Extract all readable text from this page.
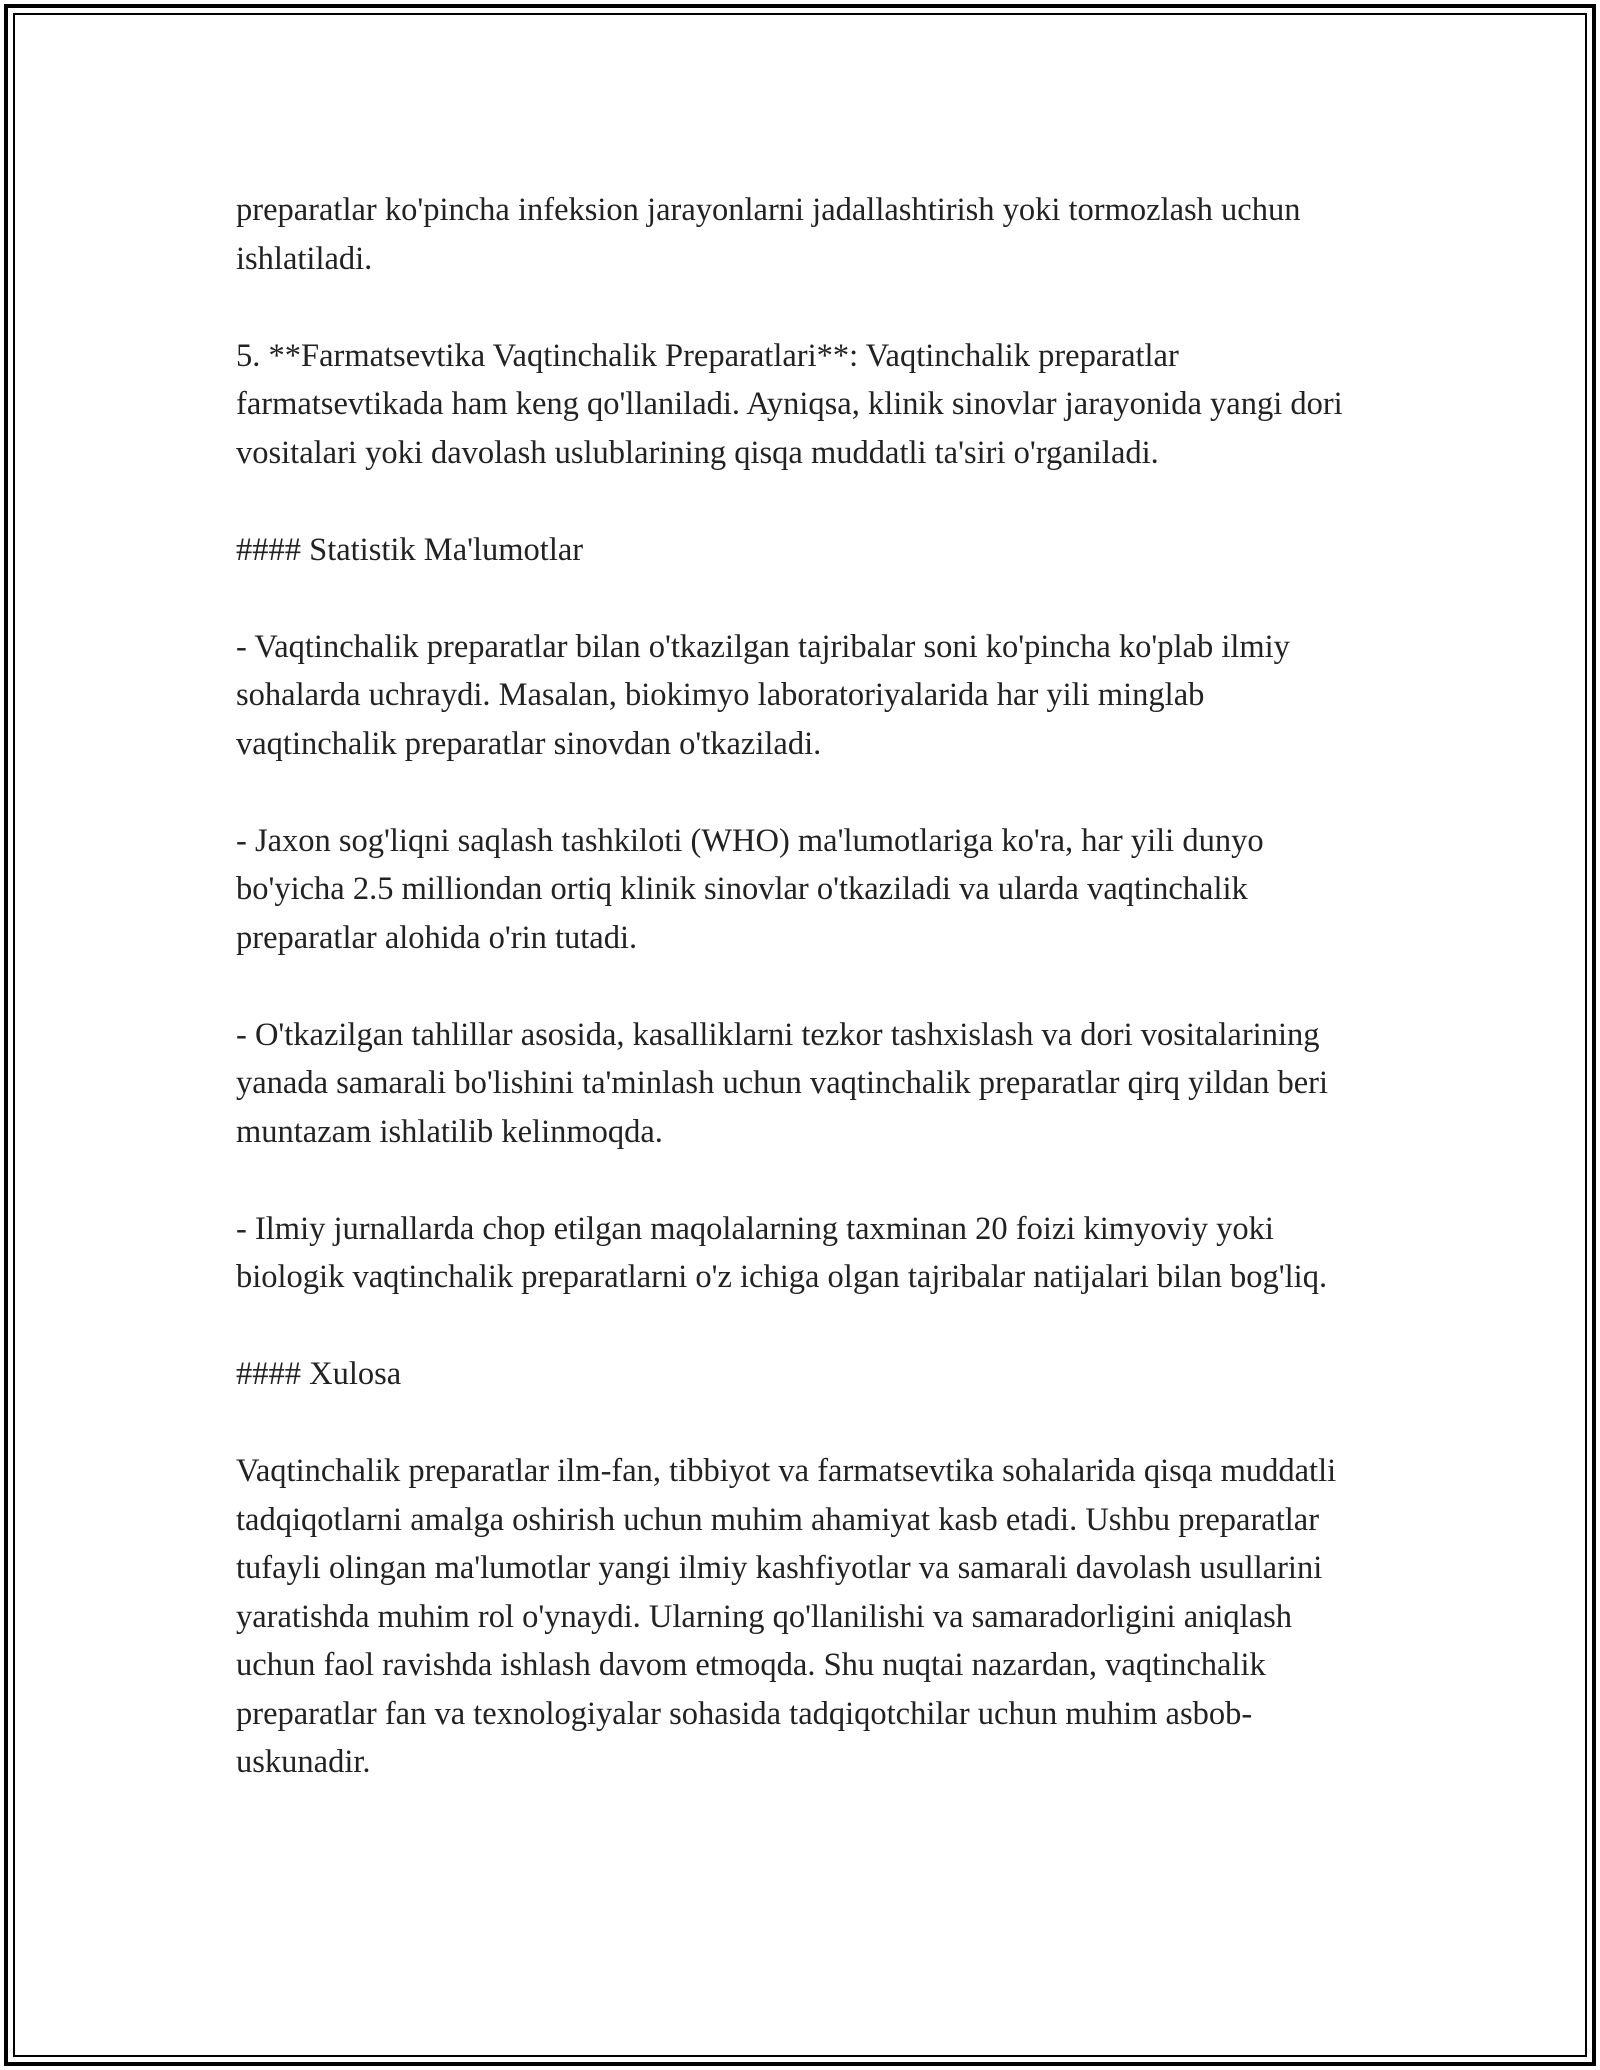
preparatlar ko'pincha infeksion jarayonlarni jadallashtirish yoki tormozlash uchun ishlatiladi.

5. **Farmatsevtika Vaqtinchalik Preparatlari**: Vaqtinchalik preparatlar farmatsevtikada ham keng qo'llaniladi. Ayniqsa, klinik sinovlar jarayonida yangi dori vositalari yoki davolash uslublarining qisqa muddatli ta'siri o'rganiladi.

#### Statistik Ma'lumotlar

- Vaqtinchalik preparatlar bilan o'tkazilgan tajribalar soni ko'pincha ko'plab ilmiy sohalarda uchraydi. Masalan, biokimyo laboratoriyalarida har yili minglab vaqtinchalik preparatlar sinovdan o'tkaziladi.

- Jaxon sog'liqni saqlash tashkiloti (WHO) ma'lumotlariga ko'ra, har yili dunyo bo'yicha 2.5 milliondan ortiq klinik sinovlar o'tkaziladi va ularda vaqtinchalik preparatlar alohida o'rin tutadi.

- O'tkazilgan tahlillar asosida, kasalliklarni tezkor tashxislash va dori vositalarining yanada samarali bo'lishini ta'minlash uchun vaqtinchalik preparatlar qirq yildan beri muntazam ishlatilib kelinmoqda.

- Ilmiy jurnallarda chop etilgan maqolalarning taxminan 20 foizi kimyoviy yoki biologik vaqtinchalik preparatlarni o'z ichiga olgan tajribalar natijalari bilan bog'liq.

#### Xulosa

Vaqtinchalik preparatlar ilm-fan, tibbiyot va farmatsevtika sohalarida qisqa muddatli tadqiqotlarni amalga oshirish uchun muhim ahamiyat kasb etadi. Ushbu preparatlar tufayli olingan ma'lumotlar yangi ilmiy kashfiyotlar va samarali davolash usullarini yaratishda muhim rol o'ynaydi. Ularning qo'llanilishi va samaradorligini aniqlash uchun faol ravishda ishlash davom etmoqda. Shu nuqtai nazardan, vaqtinchalik preparatlar fan va texnologiyalar sohasida tadqiqotchilar uchun muhim asbob-uskunadir.
